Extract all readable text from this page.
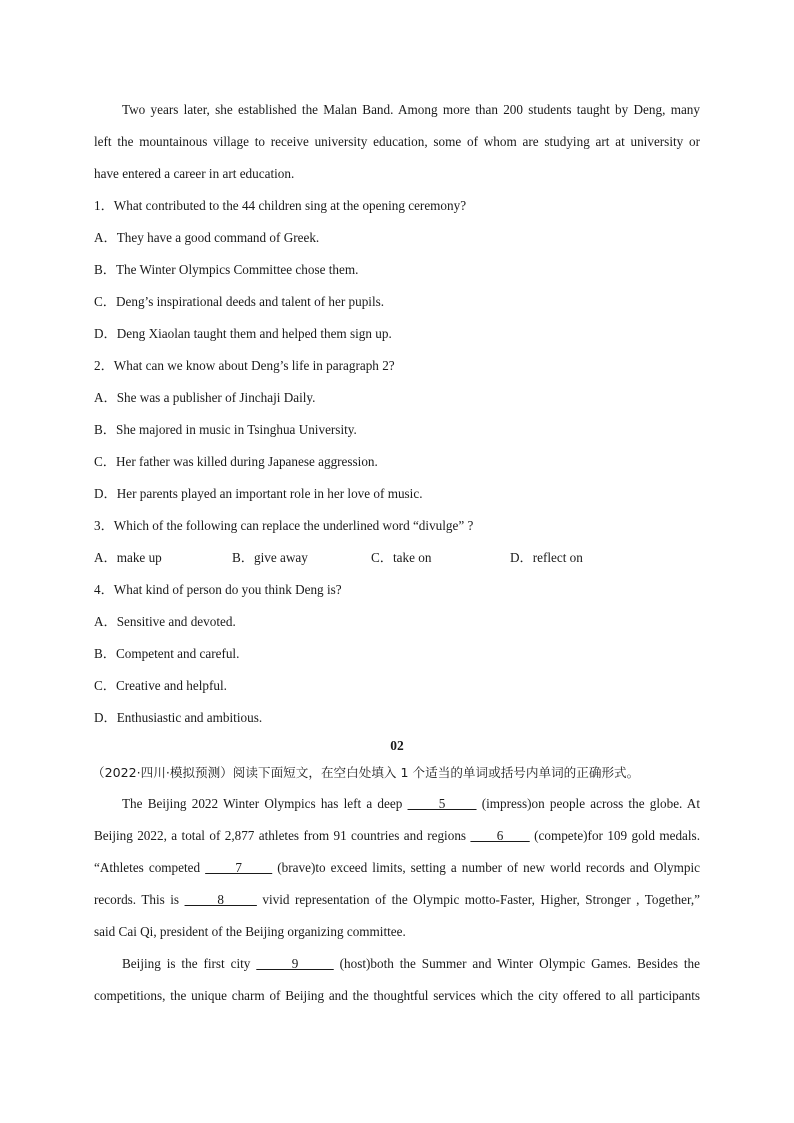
Two years later, she established the Malan Band. Among more than 200 students taught by Deng, many
left the mountainous village to receive university education, some of whom are studying art at university or
have entered a career in art education.
1．What contributed to the 44 children sing at the opening ceremony?
A．They have a good command of Greek.
B．The Winter Olympics Committee chose them.
C．Deng’s inspirational deeds and talent of her pupils.
D．Deng Xiaolan taught them and helped them sign up.
2．What can we know about Deng’s life in paragraph 2?
A．She was a publisher of Jinchaji Daily.
B．She majored in music in Tsinghua University.
C．Her father was killed during Japanese aggression.
D．Her parents played an important role in her love of music.
3．Which of the following can replace the underlined word “divulge” ?
A．make up	B．give away	C．take on	D．reflect on
4．What kind of person do you think Deng is?
A．Sensitive and devoted.
B．Competent and careful.
C．Creative and helpful.
D．Enthusiastic and ambitious.
02
（2022·四川·模拟预测）阅读下面短文，在空白处填入 1 个适当的单词或括号内单词的正确形式。
The Beijing 2022 Winter Olympics has left a deep       5       (impress)on people across the globe. At
Beijing 2022, a total of 2,877 athletes from 91 countries and regions       6       (compete)for 109 gold medals.
“Athletes competed       7       (brave)to exceed limits, setting a number of new world records and Olympic
records. This is       8       vivid representation of the Olympic motto-Faster, Higher, Stronger , Together,”
said Cai Qi, president of the Beijing organizing committee.
Beijing is the first city       9       (host)both the Summer and Winter Olympic Games. Besides the
competitions, the unique charm of Beijing and the thoughtful services which the city offered to all participants
